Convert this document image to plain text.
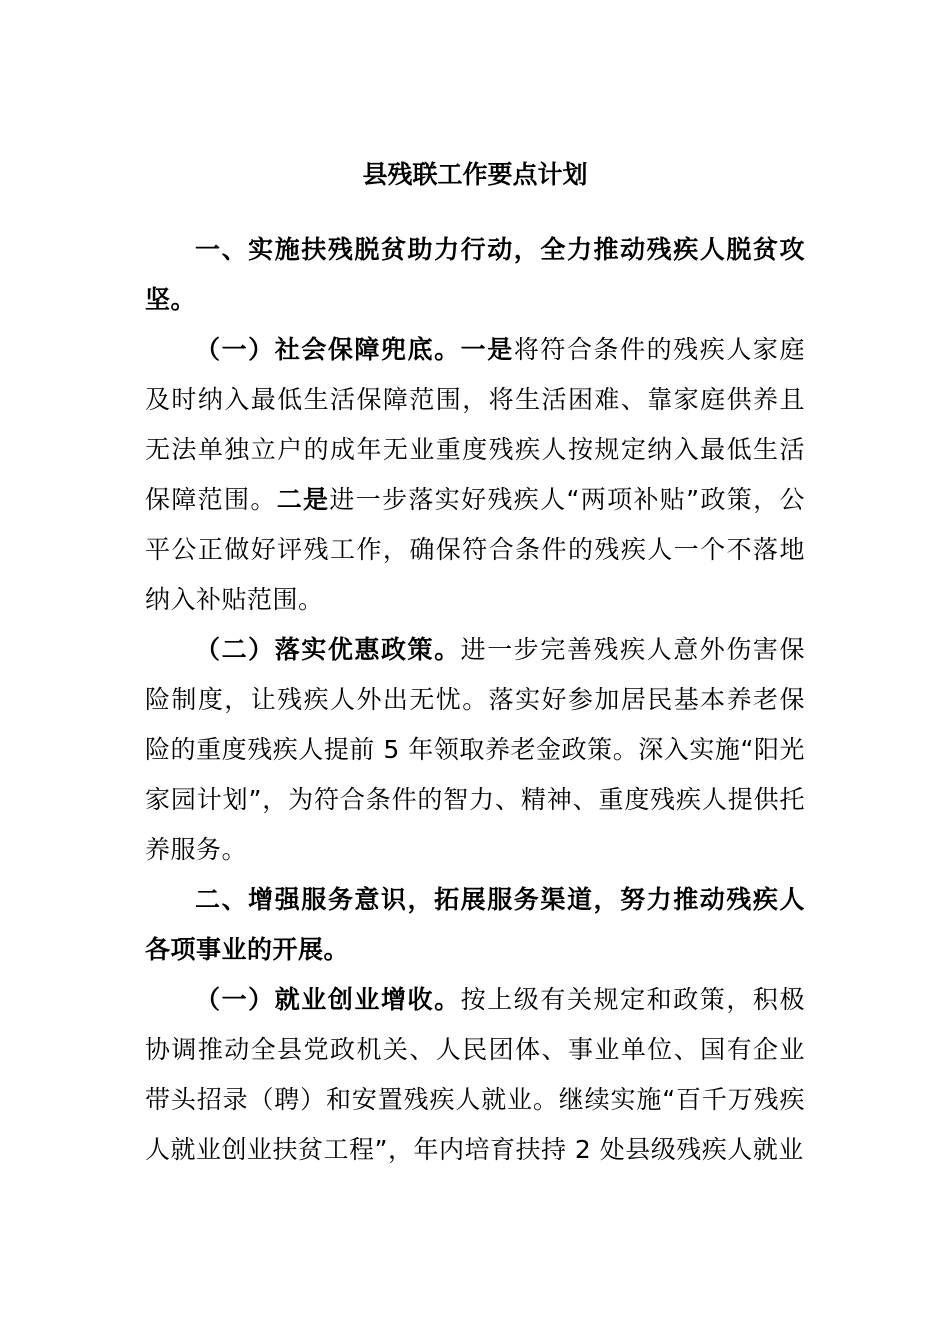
县残联工作要点计划

一、实施扶残脱贫助力行动，全力推动残疾人脱贫攻坚。

（一）社会保障兜底。一是将符合条件的残疾人家庭及时纳入最低生活保障范围，将生活困难、靠家庭供养且无法单独立户的成年无业重度残疾人按规定纳入最低生活保障范围。二是进一步落实好残疾人“两项补贴”政策，公平公正做好评残工作，确保符合条件的残疾人一个不落地纳入补贴范围。

（二）落实优惠政策。进一步完善残疾人意外伤害保险制度，让残疾人外出无忧。落实好参加居民基本养老保险的重度残疾人提前 5 年领取养老金政策。深入实施“阳光家园计划”，为符合条件的智力、精神、重度残疾人提供托养服务。

二、增强服务意识，拓展服务渠道，努力推动残疾人各项事业的开展。

（一）就业创业增收。按上级有关规定和政策，积极协调推动全县党政机关、人民团体、事业单位、国有企业带头招录（聘）和安置残疾人就业。继续实施“百千万残疾人就业创业扶贫工程”，年内培育扶持 2 处县级残疾人就业
